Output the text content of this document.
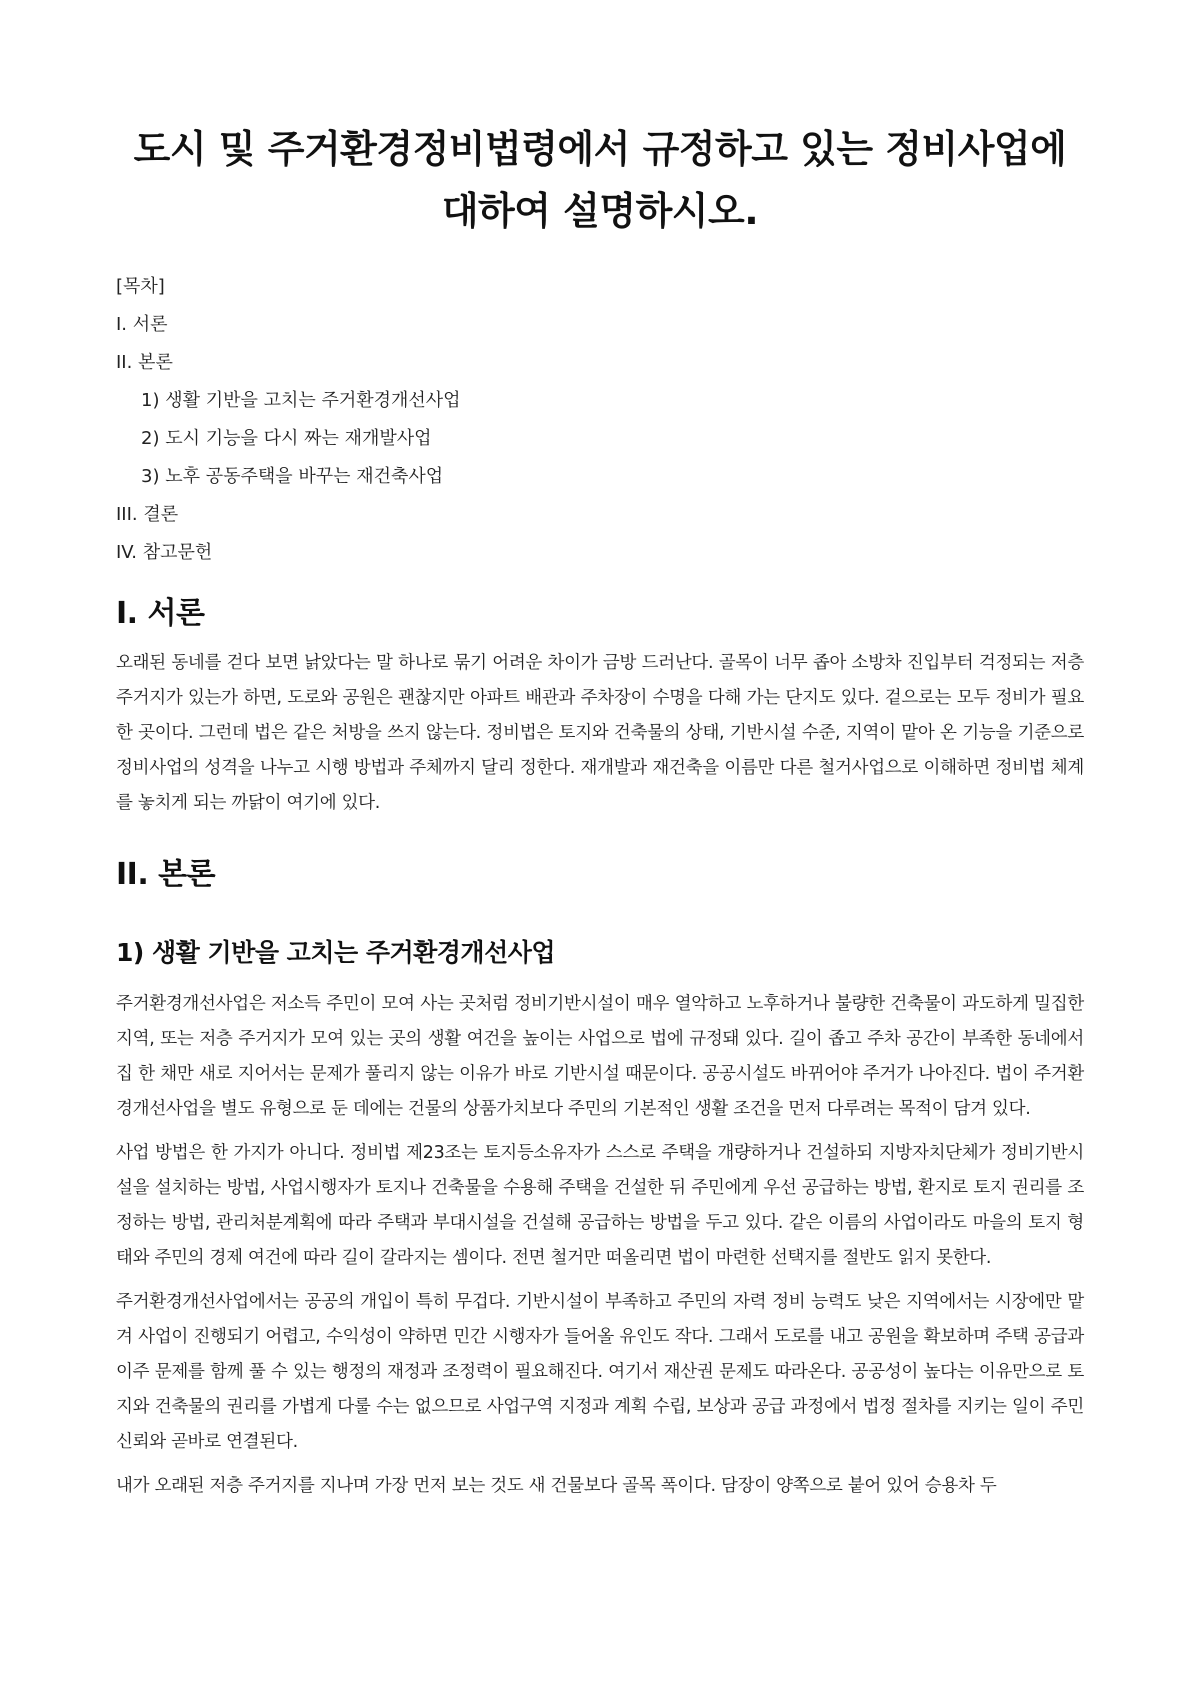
도시 및 주거환경정비법령에서 규정하고 있는 정비사업에 대하여 설명하시오.
[목차]
I. 서론
II. 본론
1) 생활 기반을 고치는 주거환경개선사업
2) 도시 기능을 다시 짜는 재개발사업
3) 노후 공동주택을 바꾸는 재건축사업
III. 결론
IV. 참고문헌
I. 서론

오래된 동네를 걷다 보면 낡았다는 말 하나로 묶기 어려운 차이가 금방 드러난다. 골목이 너무 좁아 소방차 진입부터 걱정되는 저층 주거지가 있는가 하면, 도로와 공원은 괜찮지만 아파트 배관과 주차장이 수명을 다해 가는 단지도 있다. 겉으로는 모두 정비가 필요한 곳이다. 그런데 법은 같은 처방을 쓰지 않는다. 정비법은 토지와 건축물의 상태, 기반시설 수준, 지역이 맡아 온 기능을 기준으로 정비사업의 성격을 나누고 시행 방법과 주체까지 달리 정한다. 재개발과 재건축을 이름만 다른 철거사업으로 이해하면 정비법 체계를 놓치게 되는 까닭이 여기에 있다.

II. 본론
1) 생활 기반을 고치는 주거환경개선사업

주거환경개선사업은 저소득 주민이 모여 사는 곳처럼 정비기반시설이 매우 열악하고 노후하거나 불량한 건축물이 과도하게 밀집한 지역, 또는 저층 주거지가 모여 있는 곳의 생활 여건을 높이는 사업으로 법에 규정돼 있다. 길이 좁고 주차 공간이 부족한 동네에서 집 한 채만 새로 지어서는 문제가 풀리지 않는 이유가 바로 기반시설 때문이다. 공공시설도 바뀌어야 주거가 나아진다. 법이 주거환경개선사업을 별도 유형으로 둔 데에는 건물의 상품가치보다 주민의 기본적인 생활 조건을 먼저 다루려는 목적이 담겨 있다.

사업 방법은 한 가지가 아니다. 정비법 제23조는 토지등소유자가 스스로 주택을 개량하거나 건설하되 지방자치단체가 정비기반시설을 설치하는 방법, 사업시행자가 토지나 건축물을 수용해 주택을 건설한 뒤 주민에게 우선 공급하는 방법, 환지로 토지 권리를 조정하는 방법, 관리처분계획에 따라 주택과 부대시설을 건설해 공급하는 방법을 두고 있다. 같은 이름의 사업이라도 마을의 토지 형태와 주민의 경제 여건에 따라 길이 갈라지는 셈이다. 전면 철거만 떠올리면 법이 마련한 선택지를 절반도 읽지 못한다.

주거환경개선사업에서는 공공의 개입이 특히 무겁다. 기반시설이 부족하고 주민의 자력 정비 능력도 낮은 지역에서는 시장에만 맡겨 사업이 진행되기 어렵고, 수익성이 약하면 민간 시행자가 들어올 유인도 작다. 그래서 도로를 내고 공원을 확보하며 주택 공급과 이주 문제를 함께 풀 수 있는 행정의 재정과 조정력이 필요해진다. 여기서 재산권 문제도 따라온다. 공공성이 높다는 이유만으로 토지와 건축물의 권리를 가볍게 다룰 수는 없으므로 사업구역 지정과 계획 수립, 보상과 공급 과정에서 법정 절차를 지키는 일이 주민 신뢰와 곧바로 연결된다.

내가 오래된 저층 주거지를 지나며 가장 먼저 보는 것도 새 건물보다 골목 폭이다. 담장이 양쪽으로 붙어 있어 승용차 두
